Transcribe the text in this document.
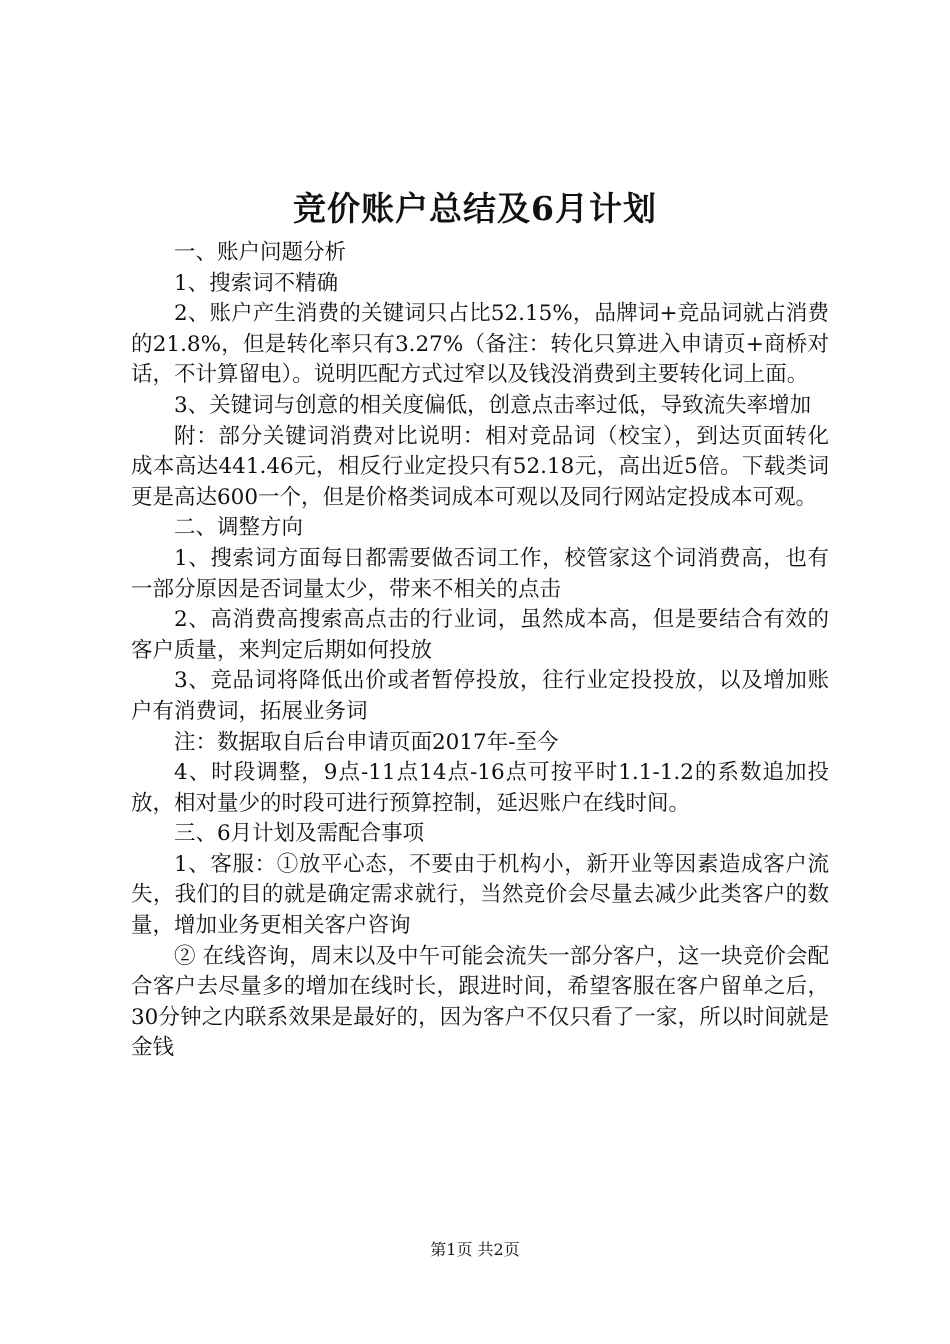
竞价账户总结及6月计划

一、账户问题分析

1、搜索词不精确

2、账户产生消费的关键词只占比52.15%，品牌词+竞品词就占消费的21.8%，但是转化率只有3.27%（备注：转化只算进入申请页+商桥对话，不计算留电）。说明匹配方式过窄以及钱没消费到主要转化词上面。

3、关键词与创意的相关度偏低，创意点击率过低，导致流失率增加

附：部分关键词消费对比说明：相对竞品词（校宝），到达页面转化成本高达441.46元，相反行业定投只有52.18元，高出近5倍。下载类词更是高达600一个，但是价格类词成本可观以及同行网站定投成本可观。

二、调整方向

1、搜索词方面每日都需要做否词工作，校管家这个词消费高，也有一部分原因是否词量太少，带来不相关的点击

2、高消费高搜索高点击的行业词，虽然成本高，但是要结合有效的客户质量，来判定后期如何投放

3、竞品词将降低出价或者暂停投放，往行业定投投放，以及增加账户有消费词，拓展业务词

注：数据取自后台申请页面2017年-至今

4、时段调整，9点-11点14点-16点可按平时1.1-1.2的系数追加投放，相对量少的时段可进行预算控制，延迟账户在线时间。

三、6月计划及需配合事项

1、客服：①放平心态，不要由于机构小，新开业等因素造成客户流失，我们的目的就是确定需求就行，当然竞价会尽量去减少此类客户的数量，增加业务更相关客户咨询

② 在线咨询，周末以及中午可能会流失一部分客户，这一块竞价会配合客户去尽量多的增加在线时长，跟进时间，希望客服在客户留单之后，30分钟之内联系效果是最好的，因为客户不仅只看了一家，所以时间就是金钱

第1页 共2页
